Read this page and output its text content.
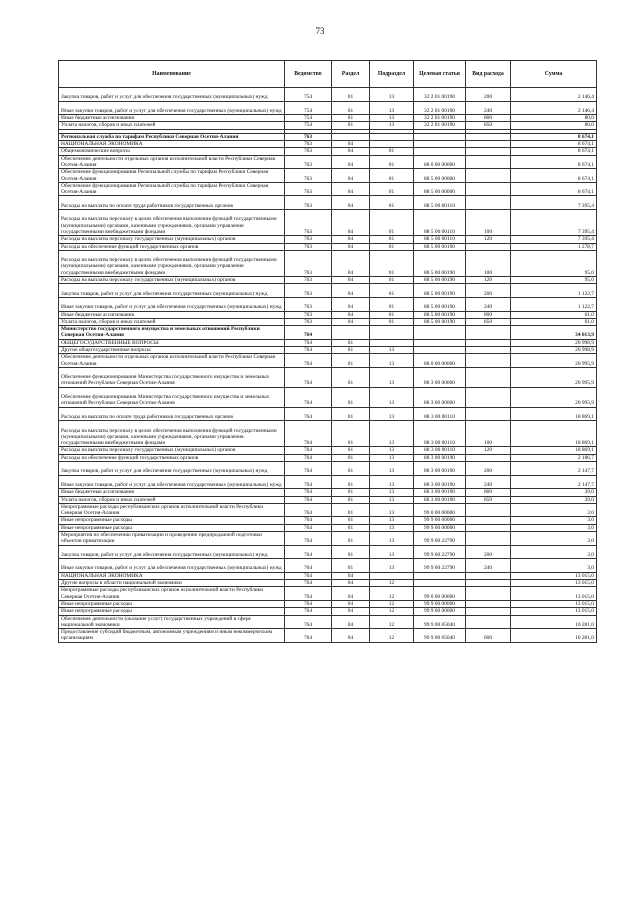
73
Наименование	Ведомство	Раздел	Подраздел	Целевая статья	Вид расхода	Сумма
Закупка товаров, работ и услуг для обеспечения государственных (муниципальных) нужд	754	01	13	32 2 01 00190	200	2 146,4
Иные закупки товаров, работ и услуг для обеспечения государственных (муниципальных) нужд	754	01	13	32 2 01 00190	240	2 146,4
Иные бюджетные ассигнования	754	01	13	32 2 01 00190	800	80,0
Уплата налогов, сборов и иных платежей	754	01	13	32 2 01 00190	850	80,0

Региональная служба по тарифам Республики Северная Осетия-Алания	763					8 674,1
НАЦИОНАЛЬНАЯ ЭКОНОМИКА	763	04				8 674,1
Общеэкономические вопросы	763	04	01			8 674,1
Обеспечение деятельности отдельных органов исполнительной власти Республики Северная Осетия-Алания	763	04	01	88 0 00 00000		8 674,1
Обеспечение функционирования Региональной службы по тарифам Республики Северная Осетия-Алания	763	04	01	88 5 00 00000		8 674,1
Обеспечение функционирования Региональной службы по тарифам Республики Северная Осетия-Алания	763	04	01	88 5 00 00000		8 674,1
Расходы на выплаты по оплате труда работников государственных органов	763	04	01	88 5 00 00110		7 395,4
Расходы на выплаты персоналу в целях обеспечения выполнения функций государственными (муниципальными) органами, казенными учреждениями, органами управления государственными внебюджетными фондами	763	04	01	88 5 00 00110	100	7 395,4
Расходы на выплаты персоналу государственных (муниципальных) органов	763	04	01	88 5 00 00110	120	7 395,4
Расходы на обеспечение функций государственных органов	763	04	01	88 5 00 00190		1 278,7
Расходы на выплаты персоналу в целях обеспечения выполнения функций государственными (муниципальными) органами, казенными учреждениями, органами управления государственными внебюджетными фондами	763	04	01	88 5 00 00190	100	95,0
Расходы на выплаты персоналу государственных (муниципальных) органов	763	04	01	88 5 00 00190	120	95,0
Закупка товаров, работ и услуг для обеспечения государственных (муниципальных) нужд	763	04	01	88 5 00 00190	200	1 122,7
Иные закупки товаров, работ и услуг для обеспечения государственных (муниципальных) нужд	763	04	01	88 5 00 00190	240	1 122,7
Иные бюджетные ассигнования	763	04	01	88 5 00 00190	800	61,0
Уплата налогов, сборов и иных платежей	763	04	01	88 5 00 00190	850	61,0
Министерство государственного имущества и земельных отношений Республики Северная Осетия-Алания	764					34 013,9
ОБЩЕГОСУДАРСТВЕННЫЕ ВОПРОСЫ	764	01				20 998,9
Другие общегосударственные вопросы	764	01	13			20 998,9
Обеспечение деятельности отдельных органов исполнительной власти Республики Северная Осетия-Алания	764	01	13	88 0 00 00000		20 995,9
Обеспечение функционирования Министерства государственного имущества и земельных отношений Республики Северная Осетия-Алания	764	01	13	88 3 00 00000		20 995,9
Обеспечение функционирования Министерства государственного имущества и земельных отношений Республики Северная Осетия-Алания	764	01	13	88 3 00 00000		20 995,9
Расходы на выплаты по оплате труда работников государственных органов	764	01	13	88 3 00 00110		18 869,1
Расходы на выплаты персоналу в целях обеспечения выполнения функций государственными (муниципальными) органами, казенными учреждениями, органами управления государственными внебюджетными фондами	764	01	13	88 3 00 00110	100	18 869,1
Расходы на выплаты персоналу государственных (муниципальных) органов	764	01	13	88 3 00 00110	120	18 869,1
Расходы на обеспечение функций государственных органов	764	01	13	88 3 00 00190		2 186,7
Закупка товаров, работ и услуг для обеспечения государственных (муниципальных) нужд	764	01	13	88 3 00 00190	200	2 147,7
Иные закупки товаров, работ и услуг для обеспечения государственных (муниципальных) нужд	764	01	13	88 3 00 00190	240	2 147,7
Иные бюджетные ассигнования	764	01	13	88 3 00 00190	800	39,0
Уплата налогов, сборов и иных платежей	764	01	13	88 3 00 00190	850	39,0
Непрограммные расходы республиканских органов исполнительной власти Республики Северная Осетия-Алания	764	01	13	99 0 00 00000		3,0
Иные непрограммные расходы	764	01	13	99 9 00 00000		3,0
Иные непрограммные расходы	764	01	13	99 9 00 00000		3,0
Мероприятия по обеспечению приватизации и проведению предпродажной подготовки объектов приватизации	764	01	13	99 9 00 22790		3,0
Закупка товаров, работ и услуг для обеспечения государственных (муниципальных) нужд	764	01	13	99 9 00 22790	200	3,0
Иные закупки товаров, работ и услуг для обеспечения государственных (муниципальных) нужд	764	01	13	99 9 00 22790	240	3,0
НАЦИОНАЛЬНАЯ ЭКОНОМИКА	764	04				13 015,0
Другие вопросы в области национальной экономики	764	04	12			13 015,0
Непрограммные расходы республиканских органов исполнительной власти Республики Северная Осетия-Алания	764	04	12	99 0 00 00000		13 015,0
Иные непрограммные расходы	764	04	12	99 9 00 00000		13 015,0
Иные непрограммные расходы	764	04	12	99 9 00 00000		13 015,0
Обеспечение деятельности (оказание услуг) государственных учреждений в сфере национальной экономики	764	04	12	99 9 00 05040		10 281,0
Предоставление субсидий бюджетным, автономным учреждениям и иным некоммерческим организациям	764	04	12	99 9 00 05040	600	10 281,0
